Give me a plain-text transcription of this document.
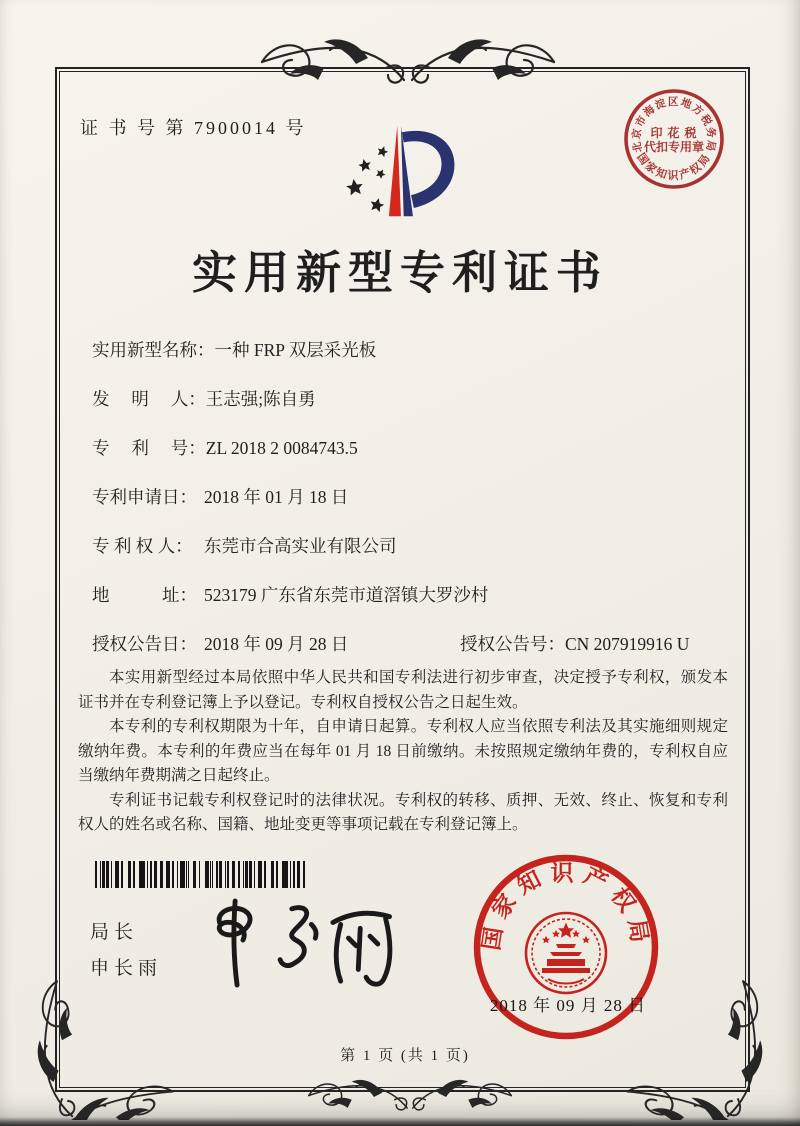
证 书 号 第 7900014 号
实用新型专利证书
实用新型名称：一种 FRP 双层采光板
发　 明 　人：王志强;陈自勇
专　 利 　号：ZL 2018 2 0084743.5
专利申请日： 2018 年 01 月 18 日
专 利 权 人： 东莞市合高实业有限公司
地　　　址： 523179 广东省东莞市道滘镇大罗沙村
授权公告日： 2018 年 09 月 28 日	授权公告号：CN 207919916 U

本实用新型经过本局依照中华人民共和国专利法进行初步审查，决定授予专利权，颁发本证书并在专利登记簿上予以登记。专利权自授权公告之日起生效。

本专利的专利权期限为十年，自申请日起算。专利权人应当依照专利法及其实施细则规定缴纳年费。本专利的年费应当在每年 01 月 18 日前缴纳。未按照规定缴纳年费的，专利权自应当缴纳年费期满之日起终止。

专利证书记载专利权登记时的法律状况。专利权的转移、质押、无效、终止、恢复和专利权人的姓名或名称、国籍、地址变更等事项记载在专利登记簿上。

局长
申长雨
国家知识产权局
2018 年 09 月 28 日
北京市海淀区地方税务局
印 花 税
代扣专用章
国家知识产权局
第 1 页 (共 1 页)
